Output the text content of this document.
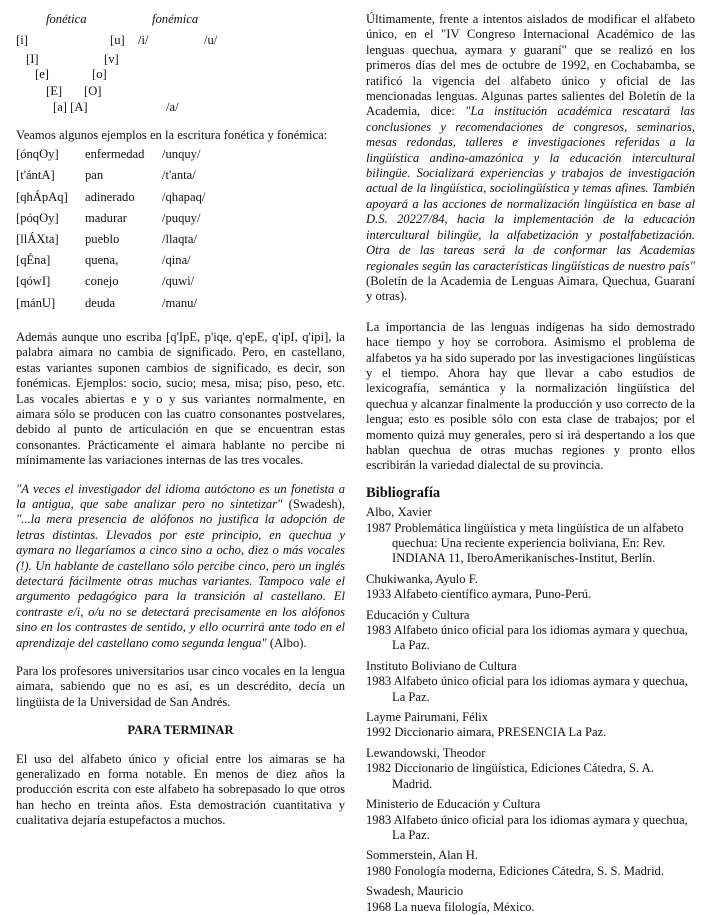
fonética	fonémica
[i]	[u] /i/	/u/
[I]	[v]
[e]	[o]
[E] [O]
[a] [A]	/a/

Veamos algunos ejemplos en la escritura fonética y fonémica:

[ónqOy]	enfermedad	/unquy/
[t'ántA]	pan	/t'anta/
[qhÁpAq]	adinerado	/qhapaq/
[póqOy]	madurar	/puquy/
[llÁXta]	pueblo	/llaqta/
[qÉna]	quena,	/qina/
[qówI]	conejo	/quwi/
[mánU]	deuda	/manu/

Además aunque uno escriba [q'IpE, p'iqe, q'epE, q'ipI, q'ipi], la palabra aimara no cambia de significado. Pero, en castellano, estas variantes suponen cambios de significado, es decir, son fonémicas. Ejemplos: socio, sucio; mesa, misa; piso, peso, etc. Las vocales abiertas e y o y sus variantes normalmente, en aimara sólo se producen con las cuatro consonantes postvelares, debido al punto de articulación en que se encuentran estas consonantes. Prácticamente el aimara hablante no percibe ni mínimamente las variaciones internas de las tres vocales.

"A veces el investigador del idioma autóctono es un fonetista a la antigua, que sabe analizar pero no sintetizar" (Swadesh), "...la mera presencia de alófonos no justifica la adopción de letras distintas. Llevados por este principio, en quechua y aymara no llegaríamos a cinco sino a ocho, diez o más vocales (!). Un hablante de castellano sólo percibe cinco, pero un inglés detectará fácilmente otras muchas variantes. Tampoco vale el argumento pedagógico para la transición al castellano. El contraste e/i, o/u no se detectará precisamente en los alófonos sino en los contrastes de sentido, y ello ocurrirá ante todo en el aprendizaje del castellano como segunda lengua" (Albo).

Para los profesores universitarios usar cinco vocales en la lengua aimara, sabiendo que no es así, es un descrédito, decía un lingüista de la Universidad de San Andrés.

PARA TERMINAR

El uso del alfabeto único y oficial entre los aimaras se ha generalizado en forma notable. En menos de diez años la producción escrita con este alfabeto ha sobrepasado lo que otros han hecho en treinta años. Esta demostración cuantitativa y cualitativa dejaría estupefactos a muchos.

Últimamente, frente a intentos aislados de modificar el alfabeto único, en el "IV Congreso Internacional Académico de las lenguas quechua, aymara y guaraní" que se realizó en los primeros días del mes de octubre de 1992, en Cochabamba, se ratificó la vigencia del alfabeto único y oficial de las mencionadas lenguas. Algunas partes salientes del Boletín de la Academia, dice: "La institución académica rescatará las conclusiones y recomendaciones de congresos, seminarios, mesas redondas, talleres e investigaciones referidas a la lingüística andina-amazónica y la educación intercultural bilingüe. Socializará experiencias y trabajos de investigación actual de la lingüística, sociolingüística y temas afines. También apoyará a las acciones de normalización lingüística en base al D.S. 20227/84, hacia la implementación de la educación intercultural bilingüe, la alfabetización y postalfabetización. Otra de las tareas será la de conformar las Academias regionales según las características lingüísticas de nuestro país" (Boletín de la Academia de Lenguas Aimara, Quechua, Guaraní y otras).

La importancia de las lenguas indígenas ha sido demostrado hace tiempo y hoy se corrobora. Asimismo el problema de alfabetos ya ha sido superado por las investigaciones lingüísticas y el tiempo. Ahora hay que llevar a cabo estudios de lexicografía, semántica y la normalización lingüística del quechua y alcanzar finalmente la producción y uso correcto de la lengua; esto es posible sólo con esta clase de trabajos; por el momento quizá muy generales, pero sí irá despertando a los que hablan quechua de otras muchas regiones y pronto ellos escribirán la variedad dialectal de su provincia.

Bibliografía

Albo, Xavier

1987 Problemática lingüística y meta lingüística de un alfabeto quechua: Una reciente experiencia boliviana, En: Rev. INDIANA 11, IberoAmerikanisches-Institut, Berlín.

Chukiwanka, Ayulo F.

1933 Alfabeto científico aymara, Puno-Perú.

Educación y Cultura

1983 Alfabeto único oficial para los idiomas aymara y quechua, La Paz.

Instituto Boliviano de Cultura

1983 Alfabeto único oficial para los idiomas aymara y quechua, La Paz.

Layme Pairumani, Félix

1992 Diccionario aimara, PRESENCIA La Paz.

Lewandowski, Theodor

1982 Diccionario de lingüística, Ediciones Cátedra, S. A. Madrid.

Ministerio de Educación y Cultura

1983 Alfabeto único oficial para los idiomas aymara y quechua, La Paz.

Sommerstein, Alan H.

1980 Fonología moderna, Ediciones Cátedra, S. S. Madrid.

Swadesh, Mauricio

1968 La nueva filología, México.
